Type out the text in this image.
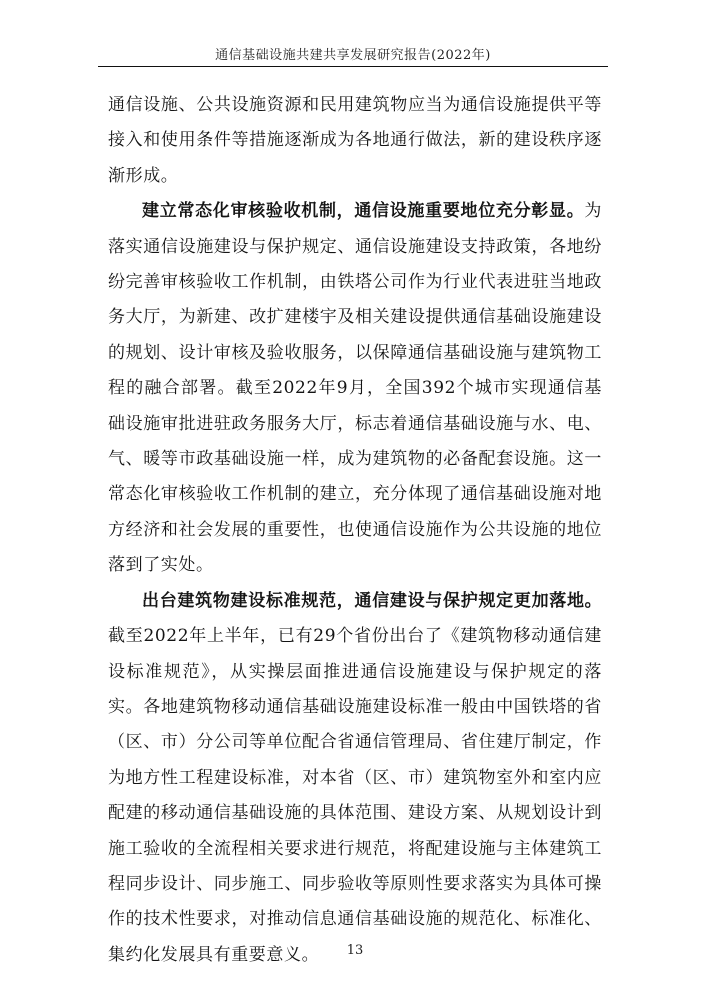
通信基础设施共建共享发展研究报告(2022年)

通信设施、公共设施资源和民用建筑物应当为通信设施提供平等接入和使用条件等措施逐渐成为各地通行做法，新的建设秩序逐渐形成。

建立常态化审核验收机制，通信设施重要地位充分彰显。为落实通信设施建设与保护规定、通信设施建设支持政策，各地纷纷完善审核验收工作机制，由铁塔公司作为行业代表进驻当地政务大厅，为新建、改扩建楼宇及相关建设提供通信基础设施建设的规划、设计审核及验收服务，以保障通信基础设施与建筑物工程的融合部署。截至2022年9月，全国392个城市实现通信基础设施审批进驻政务服务大厅，标志着通信基础设施与水、电、气、暖等市政基础设施一样，成为建筑物的必备配套设施。这一常态化审核验收工作机制的建立，充分体现了通信基础设施对地方经济和社会发展的重要性，也使通信设施作为公共设施的地位落到了实处。

出台建筑物建设标准规范，通信建设与保护规定更加落地。截至2022年上半年，已有29个省份出台了《建筑物移动通信建设标准规范》，从实操层面推进通信设施建设与保护规定的落实。各地建筑物移动通信基础设施建设标准一般由中国铁塔的省（区、市）分公司等单位配合省通信管理局、省住建厅制定，作为地方性工程建设标准，对本省（区、市）建筑物室外和室内应配建的移动通信基础设施的具体范围、建设方案、从规划设计到施工验收的全流程相关要求进行规范，将配建设施与主体建筑工程同步设计、同步施工、同步验收等原则性要求落实为具体可操作的技术性要求，对推动信息通信基础设施的规范化、标准化、集约化发展具有重要意义。	13
